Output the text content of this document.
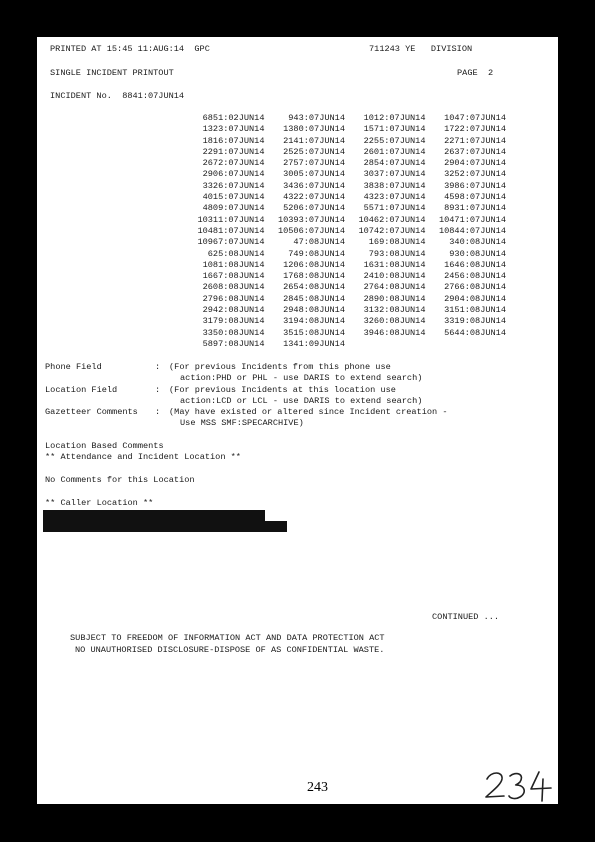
PRINTED AT 15:45 11:AUG:14  GPC	711243 YE   DIVISION
SINGLE INCIDENT PRINTOUT	PAGE  2
INCIDENT No.  8841:07JUN14
6851:02JUN14	943:07JUN14	1012:07JUN14	1047:07JUN14
1323:07JUN14	1380:07JUN14	1571:07JUN14	1722:07JUN14
1816:07JUN14	2141:07JUN14	2255:07JUN14	2271:07JUN14
2291:07JUN14	2525:07JUN14	2601:07JUN14	2637:07JUN14
2672:07JUN14	2757:07JUN14	2854:07JUN14	2904:07JUN14
2906:07JUN14	3005:07JUN14	3037:07JUN14	3252:07JUN14
3326:07JUN14	3436:07JUN14	3838:07JUN14	3986:07JUN14
4015:07JUN14	4322:07JUN14	4323:07JUN14	4598:07JUN14
4809:07JUN14	5206:07JUN14	5571:07JUN14	8931:07JUN14
10311:07JUN14	10393:07JUN14	10462:07JUN14	10471:07JUN14
10481:07JUN14	10506:07JUN14	10742:07JUN14	10844:07JUN14
10967:07JUN14	47:08JUN14	169:08JUN14	340:08JUN14
625:08JUN14	749:08JUN14	793:08JUN14	930:08JUN14
1081:08JUN14	1206:08JUN14	1631:08JUN14	1646:08JUN14
1667:08JUN14	1768:08JUN14	2410:08JUN14	2456:08JUN14
2608:08JUN14	2654:08JUN14	2764:08JUN14	2766:08JUN14
2796:08JUN14	2845:08JUN14	2890:08JUN14	2904:08JUN14
2942:08JUN14	2948:08JUN14	3132:08JUN14	3151:08JUN14
3179:08JUN14	3194:08JUN14	3260:08JUN14	3319:08JUN14
3350:08JUN14	3515:08JUN14	3946:08JUN14	5644:08JUN14
5897:08JUN14	1341:09JUN14
Phone Field	:	(For previous Incidents from this phone use
action:PHD or PHL - use DARIS to extend search)
Location Field	:	(For previous Incidents at this location use
action:LCD or LCL - use DARIS to extend search)
Gazetteer Comments	:	(May have existed or altered since Incident creation -
Use MSS SMF:SPECARCHIVE)
Location Based Comments
** Attendance and Incident Location **
No Comments for this Location
** Caller Location **
CONTINUED ...
SUBJECT TO FREEDOM OF INFORMATION ACT AND DATA PROTECTION ACT
NO UNAUTHORISED DISCLOSURE-DISPOSE OF AS CONFIDENTIAL WASTE.
243
